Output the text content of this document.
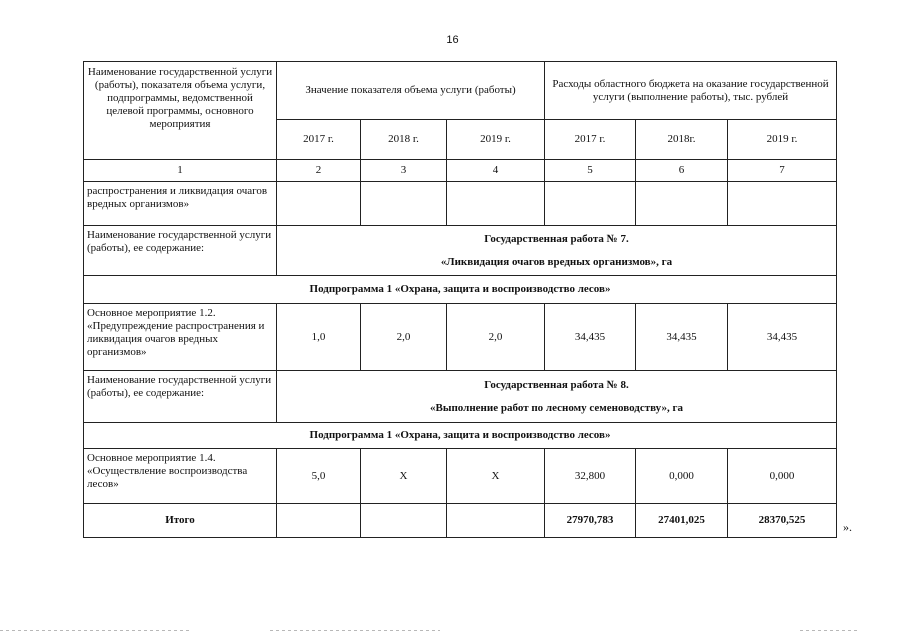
16
Наименование государственной услуги (работы), показателя объема услуги, подпрограммы, ведомственной целевой программы, основного мероприятия	Значение показателя объема услуги (работы)			Расходы областного бюджета на оказание государственной услуги (выполнение работы), тыс. рублей		
	2017 г.	2018 г.	2019 г.	2017 г.	2018г.	2019 г.
1	2	3	4	5	6	7
распространения и ликвидация очагов вредных организмов»						
Наименование государственной услуги (работы), ее содержание:	Государственная работа № 7.
«Ликвидация очагов вредных организмов», га					

Подпрограмма 1 «Охрана, защита и воспроизводство лесов»						
Основное мероприятие 1.2. «Предупреждение распространения и ликвидация очагов вредных организмов»	1,0	2,0	2,0	34,435	34,435	34,435
Наименование государственной услуги (работы), ее содержание:	Государственная работа № 8.
«Выполнение работ по лесному семеноводству», га					

Подпрограмма 1 «Охрана, защита и воспроизводство лесов»						
Основное мероприятие 1.4. «Осуществление воспроизводства лесов»	5,0	Х	Х	32,800	0,000	0,000
Итого				27970,783	27401,025	28370,525	».
